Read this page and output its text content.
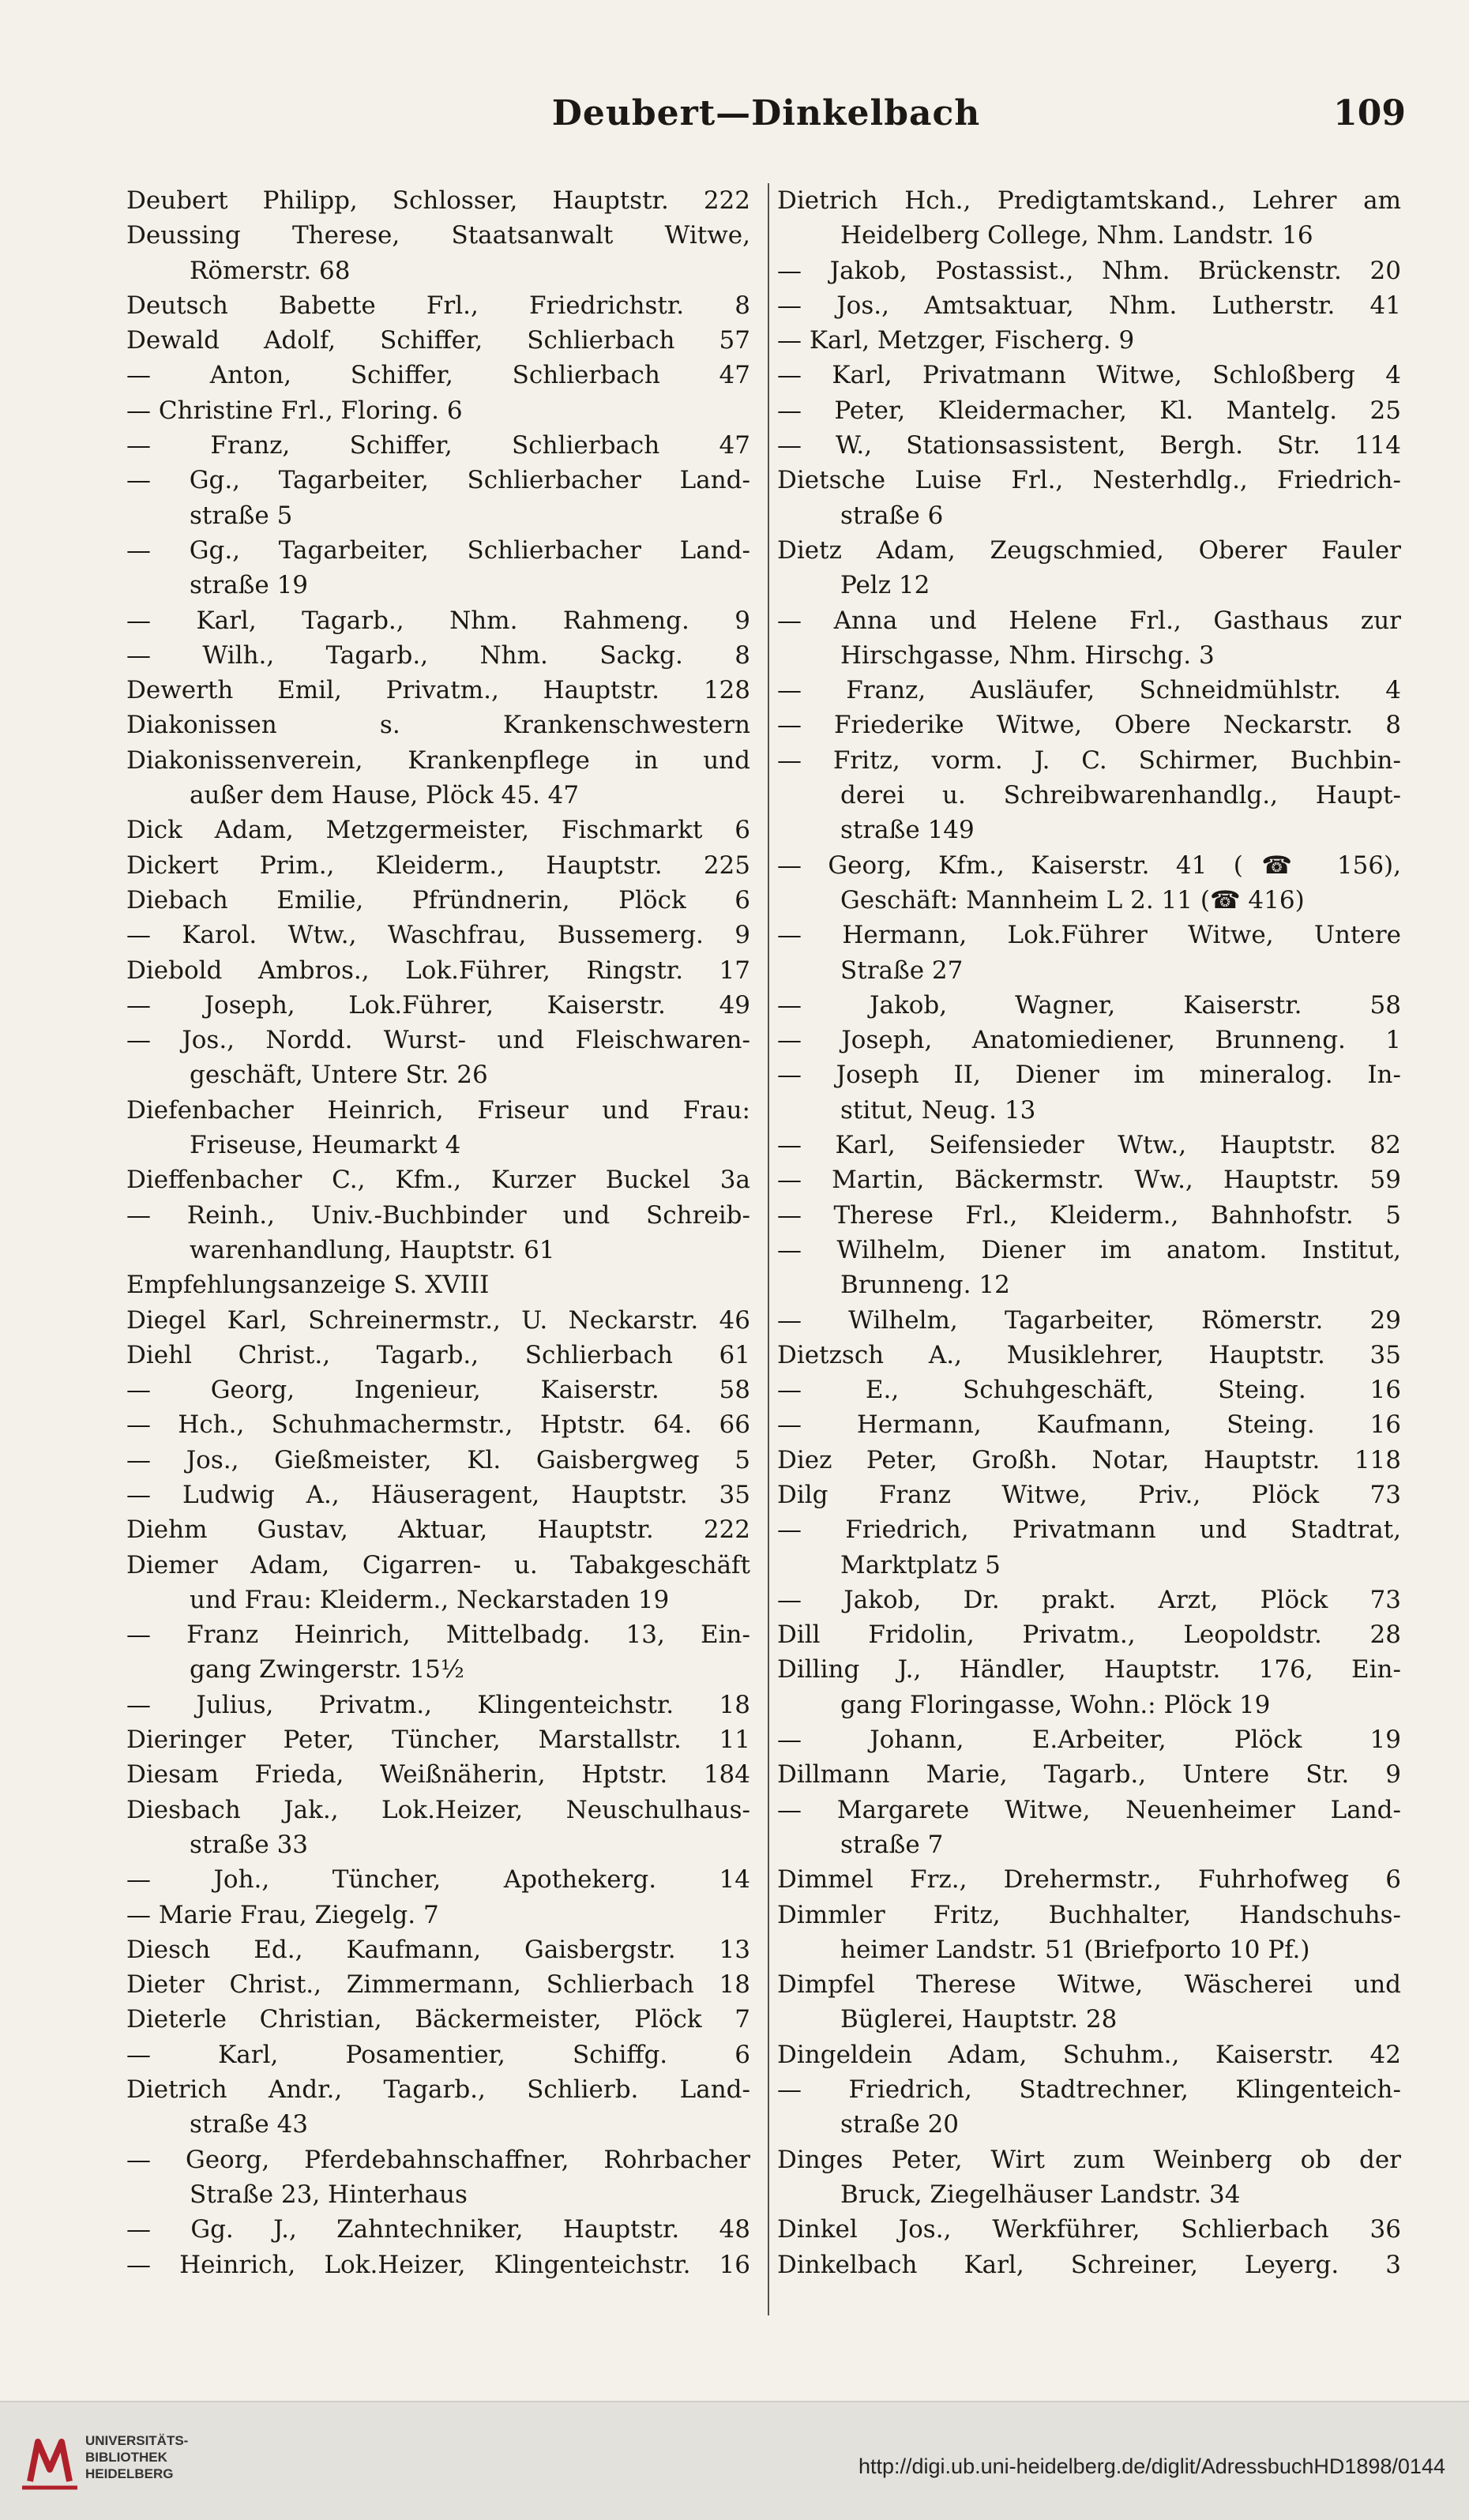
Deubert—Dinkelbach	109
Deubert Philipp, Schlosser, Hauptstr. 222
Deussing Therese, Staatsanwalt Witwe,
Römerstr. 68
Deutsch Babette Frl., Friedrichstr. 8
Dewald Adolf, Schiffer, Schlierbach 57
— Anton, Schiffer, Schlierbach 47
— Christine Frl., Floring. 6
— Franz, Schiffer, Schlierbach 47
— Gg., Tagarbeiter, Schlierbacher Land-
straße 5
— Gg., Tagarbeiter, Schlierbacher Land-
straße 19
— Karl, Tagarb., Nhm. Rahmeng. 9
— Wilh., Tagarb., Nhm. Sackg. 8
Dewerth Emil, Privatm., Hauptstr. 128
Diakonissen s. Krankenschwestern
Diakonissenverein, Krankenpflege in und
außer dem Hause, Plöck 45. 47
Dick Adam, Metzgermeister, Fischmarkt 6
Dickert Prim., Kleiderm., Hauptstr. 225
Diebach Emilie, Pfründnerin, Plöck 6
— Karol. Wtw., Waschfrau, Bussemerg. 9
Diebold Ambros., Lok.Führer, Ringstr. 17
— Joseph, Lok.Führer, Kaiserstr. 49
— Jos., Nordd. Wurst- und Fleischwaren-
geschäft, Untere Str. 26
Diefenbacher Heinrich, Friseur und Frau:
Friseuse, Heumarkt 4
Dieffenbacher C., Kfm., Kurzer Buckel 3a
— Reinh., Univ.-Buchbinder und Schreib-
warenhandlung, Hauptstr. 61
Empfehlungsanzeige S. XVIII
Diegel Karl, Schreinermstr., U. Neckarstr. 46
Diehl Christ., Tagarb., Schlierbach 61
— Georg, Ingenieur, Kaiserstr. 58
— Hch., Schuhmachermstr., Hptstr. 64. 66
— Jos., Gießmeister, Kl. Gaisbergweg 5
— Ludwig A., Häuseragent, Hauptstr. 35
Diehm Gustav, Aktuar, Hauptstr. 222
Diemer Adam, Cigarren- u. Tabakgeschäft
und Frau: Kleiderm., Neckarstaden 19
— Franz Heinrich, Mittelbadg. 13, Ein-
gang Zwingerstr. 15½
— Julius, Privatm., Klingenteichstr. 18
Dieringer Peter, Tüncher, Marstallstr. 11
Diesam Frieda, Weißnäherin, Hptstr. 184
Diesbach Jak., Lok.Heizer, Neuschulhaus-
straße 33
— Joh., Tüncher, Apothekerg. 14
— Marie Frau, Ziegelg. 7
Diesch Ed., Kaufmann, Gaisbergstr. 13
Dieter Christ., Zimmermann, Schlierbach 18
Dieterle Christian, Bäckermeister, Plöck 7
— Karl, Posamentier, Schiffg. 6
Dietrich Andr., Tagarb., Schlierb. Land-
straße 43
— Georg, Pferdebahnschaffner, Rohrbacher
Straße 23, Hinterhaus
— Gg. J., Zahntechniker, Hauptstr. 48
— Heinrich, Lok.Heizer, Klingenteichstr. 16
Dietrich Hch., Predigtamtskand., Lehrer am
Heidelberg College, Nhm. Landstr. 16
— Jakob, Postassist., Nhm. Brückenstr. 20
— Jos., Amtsaktuar, Nhm. Lutherstr. 41
— Karl, Metzger, Fischerg. 9
— Karl, Privatmann Witwe, Schloßberg 4
— Peter, Kleidermacher, Kl. Mantelg. 25
— W., Stationsassistent, Bergh. Str. 114
Dietsche Luise Frl., Nesterhdlg., Friedrich-
straße 6
Dietz Adam, Zeugschmied, Oberer Fauler
Pelz 12
— Anna und Helene Frl., Gasthaus zur
Hirschgasse, Nhm. Hirschg. 3
— Franz, Ausläufer, Schneidmühlstr. 4
— Friederike Witwe, Obere Neckarstr. 8
— Fritz, vorm. J. C. Schirmer, Buchbin-
derei u. Schreibwarenhandlg., Haupt-
straße 149
— Georg, Kfm., Kaiserstr. 41 (☎ 156),
Geschäft: Mannheim L 2. 11 (☎ 416)
— Hermann, Lok.Führer Witwe, Untere
Straße 27
— Jakob, Wagner, Kaiserstr. 58
— Joseph, Anatomiediener, Brunneng. 1
— Joseph II, Diener im mineralog. In-
stitut, Neug. 13
— Karl, Seifensieder Wtw., Hauptstr. 82
— Martin, Bäckermstr. Ww., Hauptstr. 59
— Therese Frl., Kleiderm., Bahnhofstr. 5
— Wilhelm, Diener im anatom. Institut,
Brunneng. 12
— Wilhelm, Tagarbeiter, Römerstr. 29
Dietzsch A., Musiklehrer, Hauptstr. 35
— E., Schuhgeschäft, Steing. 16
— Hermann, Kaufmann, Steing. 16
Diez Peter, Großh. Notar, Hauptstr. 118
Dilg Franz Witwe, Priv., Plöck 73
— Friedrich, Privatmann und Stadtrat,
Marktplatz 5
— Jakob, Dr. prakt. Arzt, Plöck 73
Dill Fridolin, Privatm., Leopoldstr. 28
Dilling J., Händler, Hauptstr. 176, Ein-
gang Floringasse, Wohn.: Plöck 19
— Johann, E.Arbeiter, Plöck 19
Dillmann Marie, Tagarb., Untere Str. 9
— Margarete Witwe, Neuenheimer Land-
straße 7
Dimmel Frz., Drehermstr., Fuhrhofweg 6
Dimmler Fritz, Buchhalter, Handschuhs-
heimer Landstr. 51 (Briefporto 10 Pf.)
Dimpfel Therese Witwe, Wäscherei und
Büglerei, Hauptstr. 28
Dingeldein Adam, Schuhm., Kaiserstr. 42
— Friedrich, Stadtrechner, Klingenteich-
straße 20
Dinges Peter, Wirt zum Weinberg ob der
Bruck, Ziegelhäuser Landstr. 34
Dinkel Jos., Werkführer, Schlierbach 36
Dinkelbach Karl, Schreiner, Leyerg. 3
UNIVERSITÄTS-
BIBLIOTHEK
HEIDELBERG	http://digi.ub.uni-heidelberg.de/diglit/AdressbuchHD1898/0144
